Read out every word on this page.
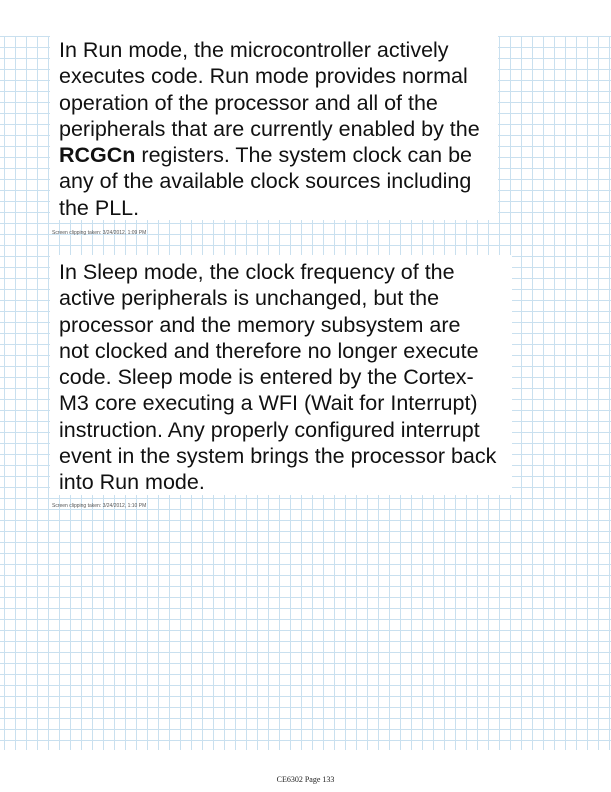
In Run mode, the microcontroller actively
executes code. Run mode provides normal
operation of the processor and all of the
peripherals that are currently enabled by the
RCGCn registers. The system clock can be
any of the available clock sources including
the PLL.
Screen clipping taken: 3/24/2012, 1:09 PM
In Sleep mode, the clock frequency of the
active peripherals is unchanged, but the
processor and the memory subsystem are
not clocked and therefore no longer execute
code. Sleep mode is entered by the Cortex-
M3 core executing a WFI (Wait for Interrupt)
instruction. Any properly configured interrupt
event in the system brings the processor back
into Run mode.
Screen clipping taken: 3/24/2012, 1:10 PM
CE6302 Page 133
